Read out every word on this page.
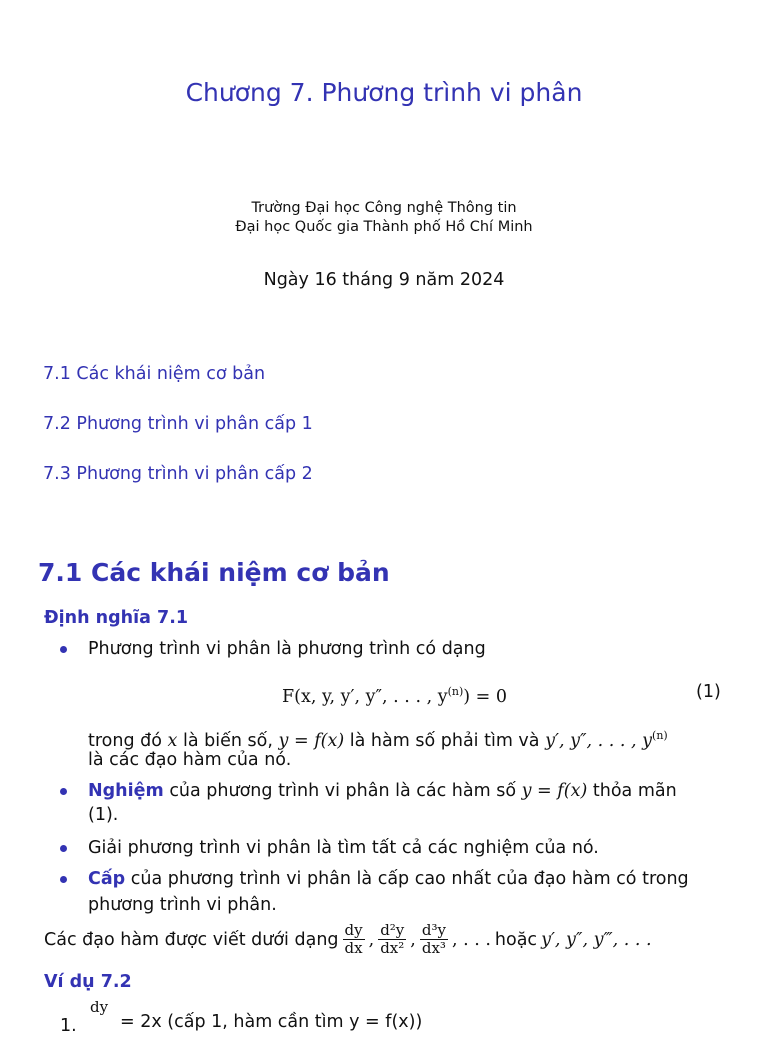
Chương 7. Phương trình vi phân
Trường Đại học Công nghệ Thông tin
Đại học Quốc gia Thành phố Hồ Chí Minh
Ngày 16 tháng 9 năm 2024
7.1 Các khái niệm cơ bản
7.2 Phương trình vi phân cấp 1
7.3 Phương trình vi phân cấp 2
7.1 Các khái niệm cơ bản
Định nghĩa 7.1
Phương trình vi phân là phương trình có dạng
F(x, y, y′, y″, . . . , $y^{(n)}) = 0$	(1)
trong đó x là biến số, y = f(x) là hàm số phải tìm và y′, y″, . . . , $y^{(n)}$
là các đạo hàm của nó.
Nghiệm của phương trình vi phân là các hàm số y = f(x) thỏa mãn
(1).
Giải phương trình vi phân là tìm tất cả các nghiệm của nó.
Cấp của phương trình vi phân là cấp cao nhất của đạo hàm có trong
phương trình vi phân.
Các đạo hàm được viết dưới dạng $\frac{dy}{dx}$ , $\frac{\text{d²y}}{\text{dx²}}$ , $\frac{\text{d³y}}{\text{dx³}}$ , . . . hoặc y′, y″, y‴, . . .
Ví dụ 7.2
1.
dy
= 2x (cấp 1, hàm cần tìm y = f(x))
